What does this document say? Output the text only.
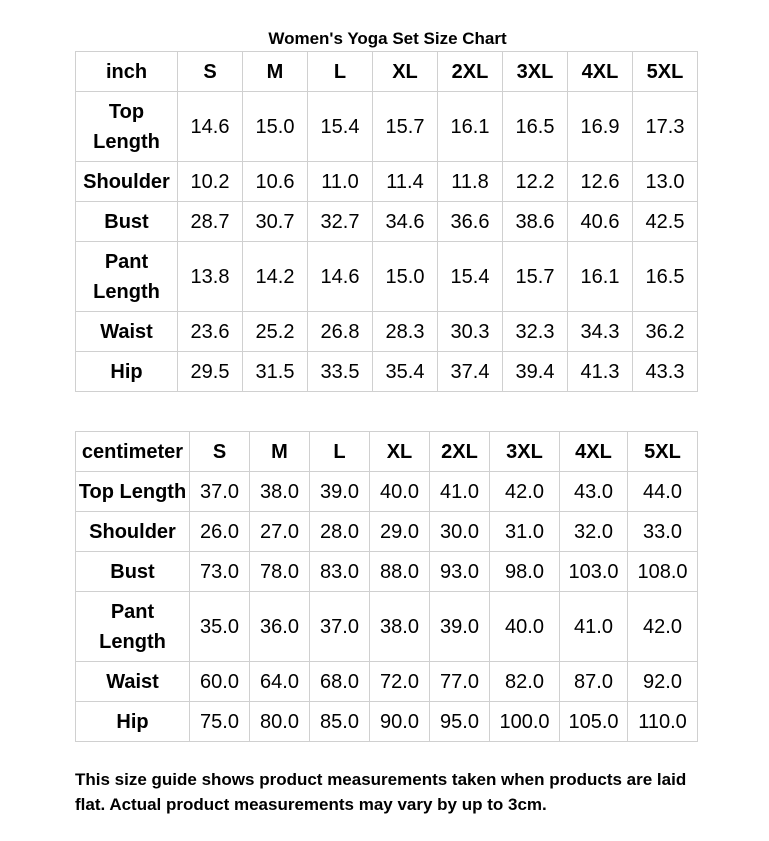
Women's Yoga Set Size Chart
inch	S	M	L	XL	2XL	3XL	4XL	5XL
Top
Length	14.6	15.0	15.4	15.7	16.1	16.5	16.9	17.3
Shoulder	10.2	10.6	11.0	11.4	11.8	12.2	12.6	13.0
Bust	28.7	30.7	32.7	34.6	36.6	38.6	40.6	42.5
Pant
Length	13.8	14.2	14.6	15.0	15.4	15.7	16.1	16.5
Waist	23.6	25.2	26.8	28.3	30.3	32.3	34.3	36.2
Hip	29.5	31.5	33.5	35.4	37.4	39.4	41.3	43.3
centimeter	S	M	L	XL	2XL	3XL	4XL	5XL
Top Length	37.0	38.0	39.0	40.0	41.0	42.0	43.0	44.0
Shoulder	26.0	27.0	28.0	29.0	30.0	31.0	32.0	33.0
Bust	73.0	78.0	83.0	88.0	93.0	98.0	103.0	108.0
Pant
Length	35.0	36.0	37.0	38.0	39.0	40.0	41.0	42.0
Waist	60.0	64.0	68.0	72.0	77.0	82.0	87.0	92.0
Hip	75.0	80.0	85.0	90.0	95.0	100.0	105.0	110.0
This size guide shows product measurements taken when products are laid flat. Actual product measurements may vary by up to 3cm.
